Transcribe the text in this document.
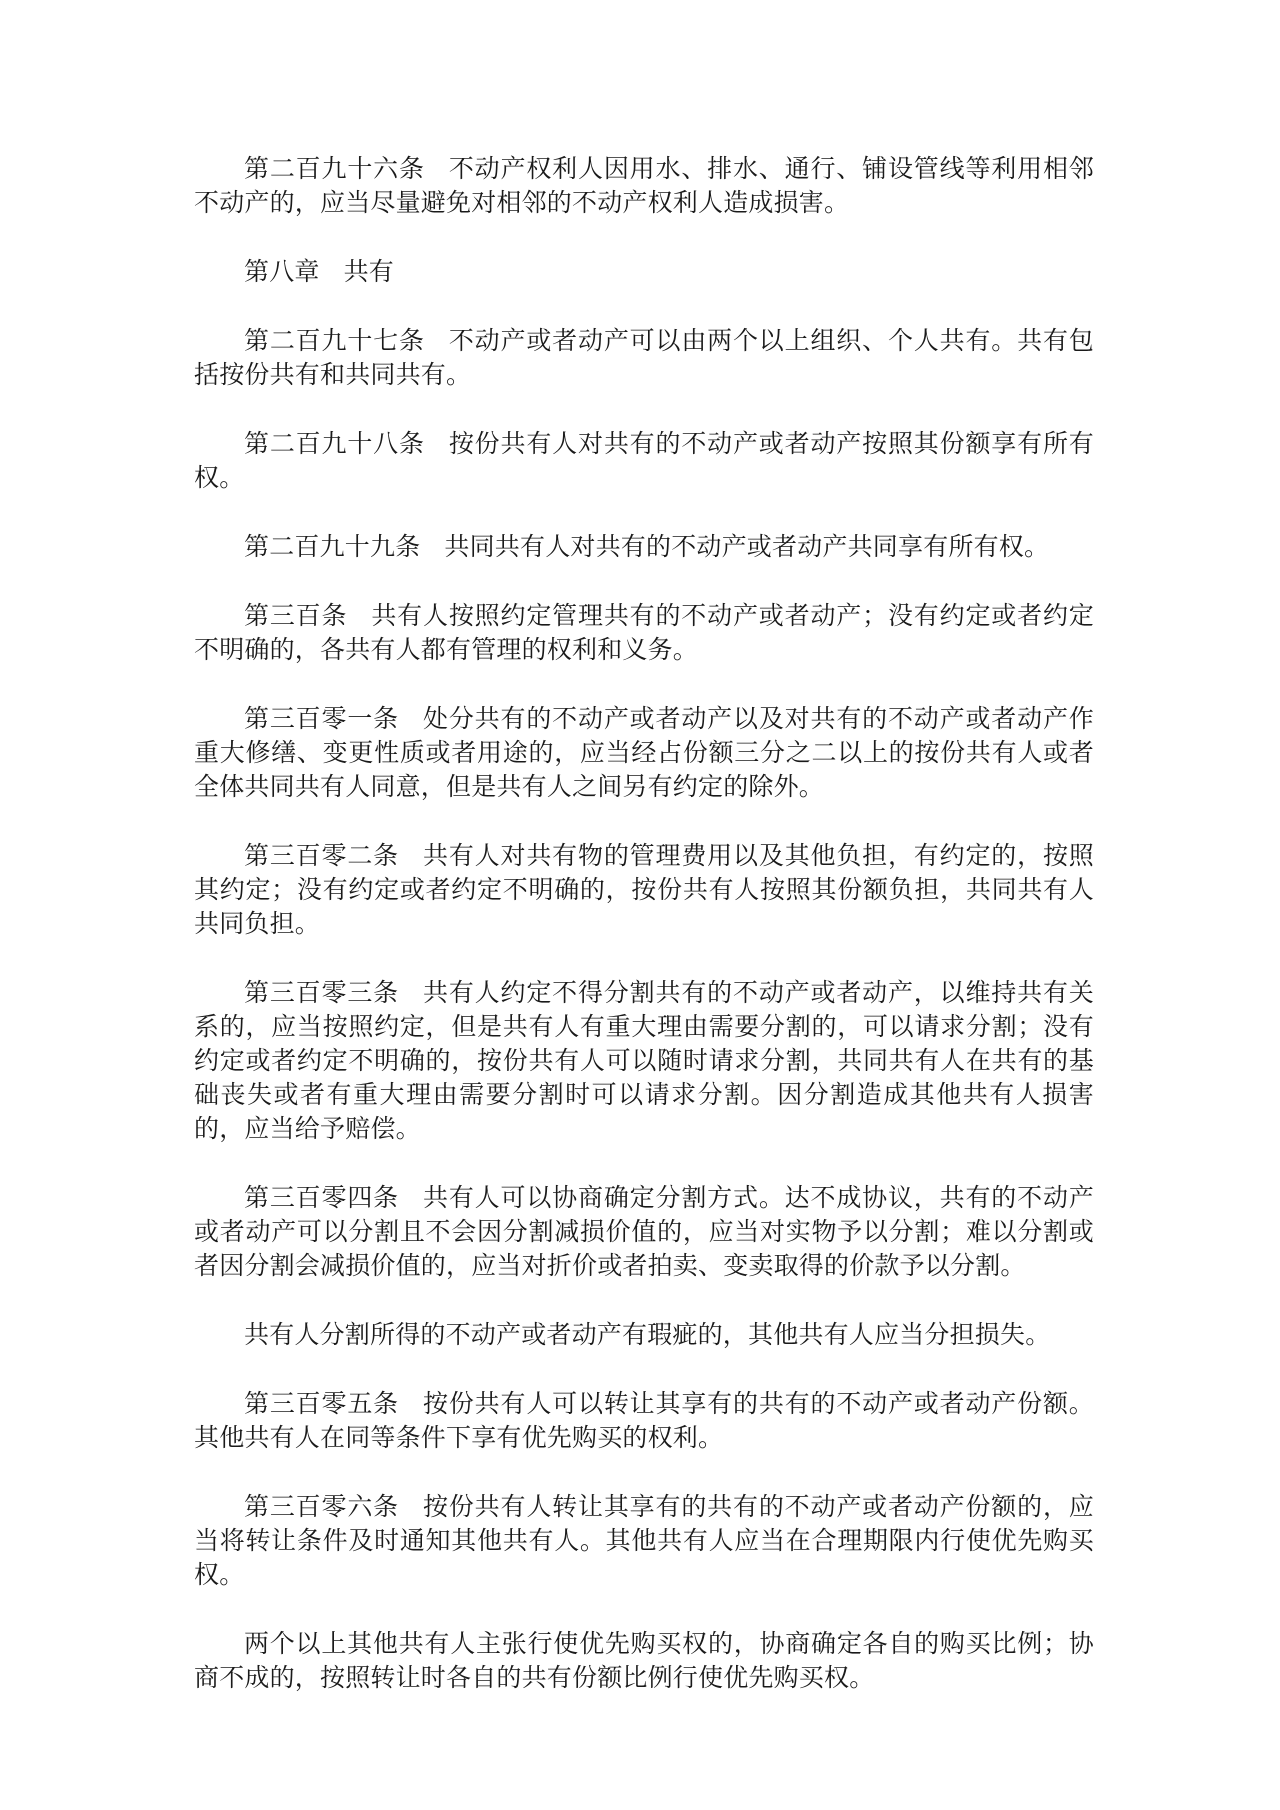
第二百九十六条 不动产权利人因用水、排水、通行、铺设管线等利用相邻不动产的，应当尽量避免对相邻的不动产权利人造成损害。

第八章 共有

第二百九十七条 不动产或者动产可以由两个以上组织、个人共有。共有包括按份共有和共同共有。

第二百九十八条 按份共有人对共有的不动产或者动产按照其份额享有所有权。

第二百九十九条 共同共有人对共有的不动产或者动产共同享有所有权。

第三百条 共有人按照约定管理共有的不动产或者动产；没有约定或者约定不明确的，各共有人都有管理的权利和义务。

第三百零一条 处分共有的不动产或者动产以及对共有的不动产或者动产作重大修缮、变更性质或者用途的，应当经占份额三分之二以上的按份共有人或者全体共同共有人同意，但是共有人之间另有约定的除外。

第三百零二条 共有人对共有物的管理费用以及其他负担，有约定的，按照其约定；没有约定或者约定不明确的，按份共有人按照其份额负担，共同共有人共同负担。

第三百零三条 共有人约定不得分割共有的不动产或者动产，以维持共有关系的，应当按照约定，但是共有人有重大理由需要分割的，可以请求分割；没有约定或者约定不明确的，按份共有人可以随时请求分割，共同共有人在共有的基础丧失或者有重大理由需要分割时可以请求分割。因分割造成其他共有人损害的，应当给予赔偿。

第三百零四条 共有人可以协商确定分割方式。达不成协议，共有的不动产或者动产可以分割且不会因分割减损价值的，应当对实物予以分割；难以分割或者因分割会减损价值的，应当对折价或者拍卖、变卖取得的价款予以分割。

共有人分割所得的不动产或者动产有瑕疵的，其他共有人应当分担损失。

第三百零五条 按份共有人可以转让其享有的共有的不动产或者动产份额。其他共有人在同等条件下享有优先购买的权利。

第三百零六条 按份共有人转让其享有的共有的不动产或者动产份额的，应当将转让条件及时通知其他共有人。其他共有人应当在合理期限内行使优先购买权。

两个以上其他共有人主张行使优先购买权的，协商确定各自的购买比例；协商不成的，按照转让时各自的共有份额比例行使优先购买权。
